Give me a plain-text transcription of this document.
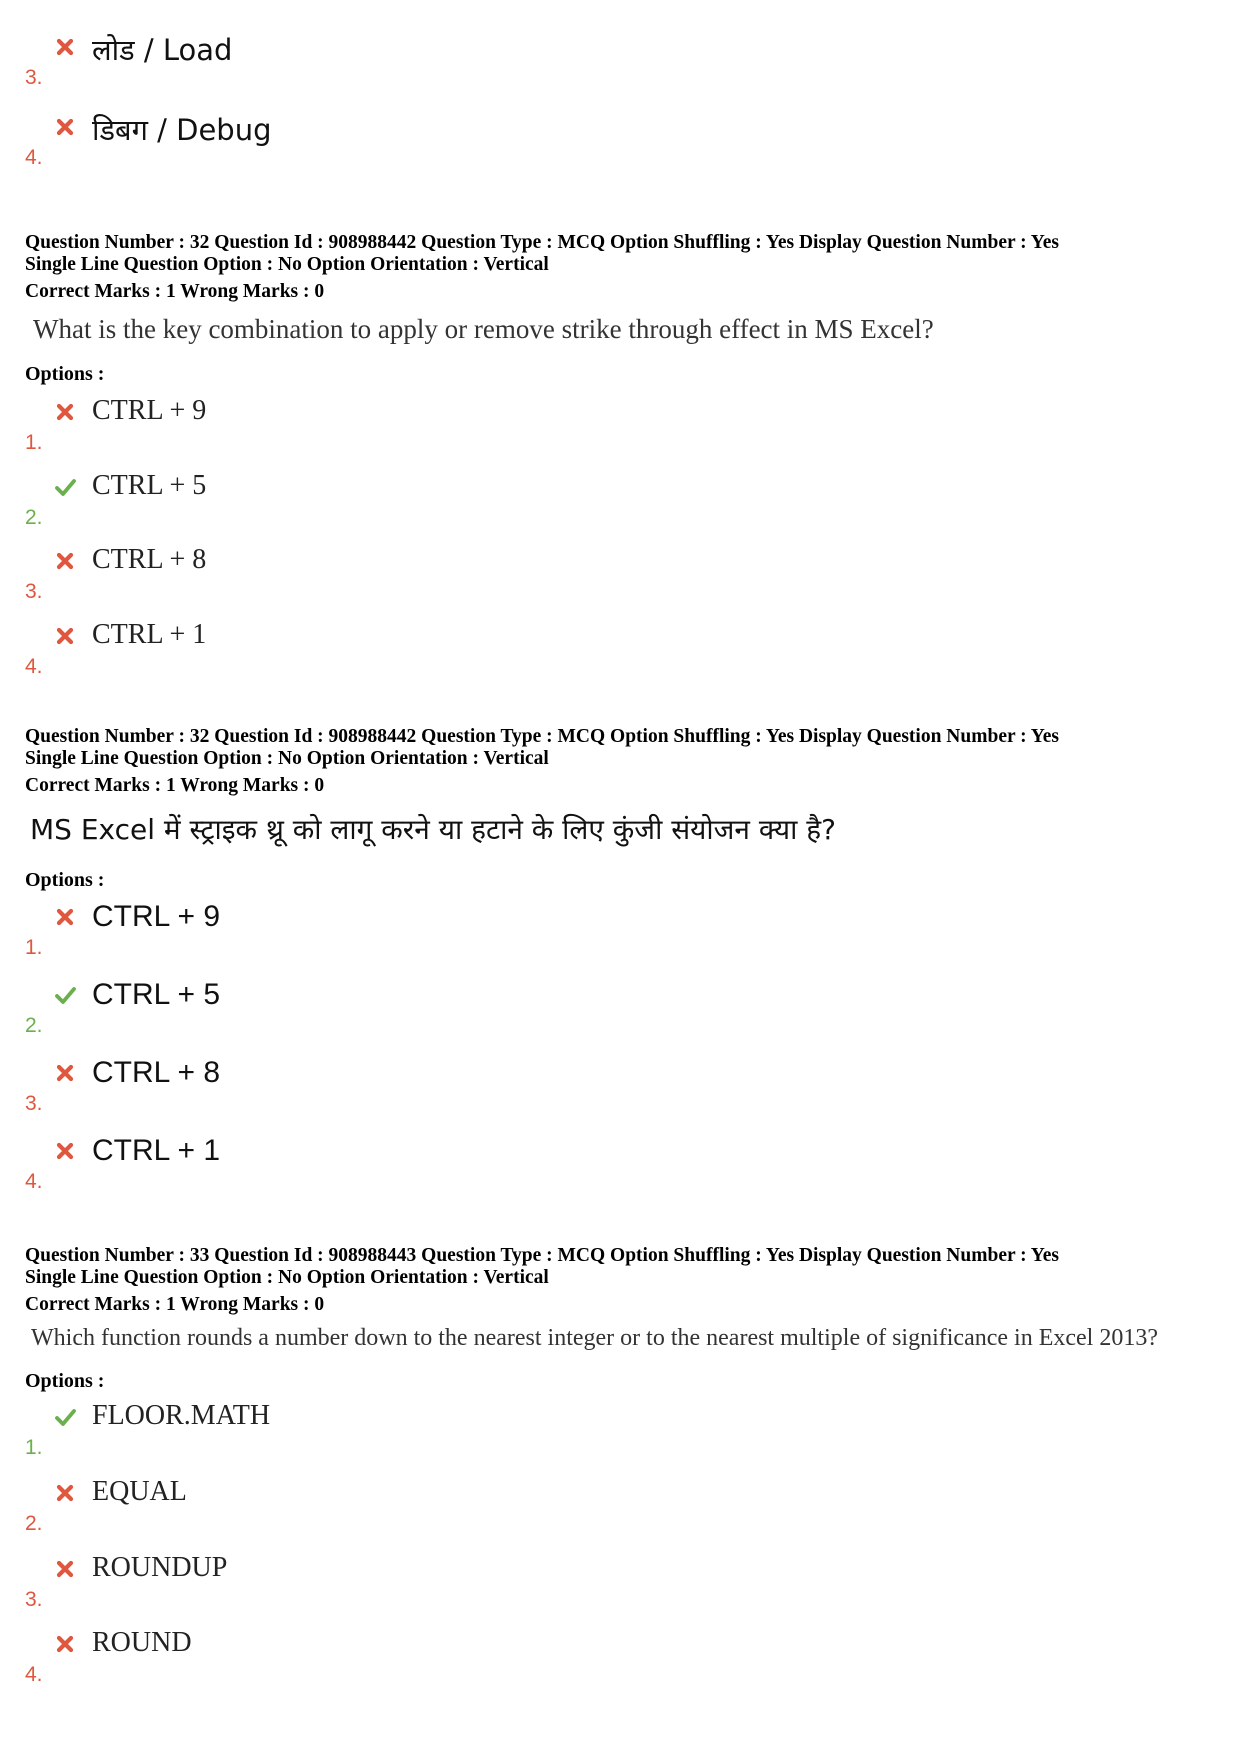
3.
लोड / Load
4.
डिबग / Debug
Question Number : 32 Question Id : 908988442 Question Type : MCQ Option Shuffling : Yes Display Question Number : Yes
Single Line Question Option : No Option Orientation : Vertical
Correct Marks : 1 Wrong Marks : 0
What is the key combination to apply or remove strike through effect in MS Excel?
Options :
1.
CTRL + 9
2.
CTRL + 5
3.
CTRL + 8
4.
CTRL + 1
Question Number : 32 Question Id : 908988442 Question Type : MCQ Option Shuffling : Yes Display Question Number : Yes
Single Line Question Option : No Option Orientation : Vertical
Correct Marks : 1 Wrong Marks : 0
MS Excel में स्ट्राइक थ्रू को लागू करने या हटाने के लिए कुंजी संयोजन क्या है?
Options :
1.
CTRL + 9
2.
CTRL + 5
3.
CTRL + 8
4.
CTRL + 1
Question Number : 33 Question Id : 908988443 Question Type : MCQ Option Shuffling : Yes Display Question Number : Yes
Single Line Question Option : No Option Orientation : Vertical
Correct Marks : 1 Wrong Marks : 0
Which function rounds a number down to the nearest integer or to the nearest multiple of significance in Excel 2013?
Options :
1.
FLOOR.MATH
2.
EQUAL
3.
ROUNDUP
4.
ROUND
